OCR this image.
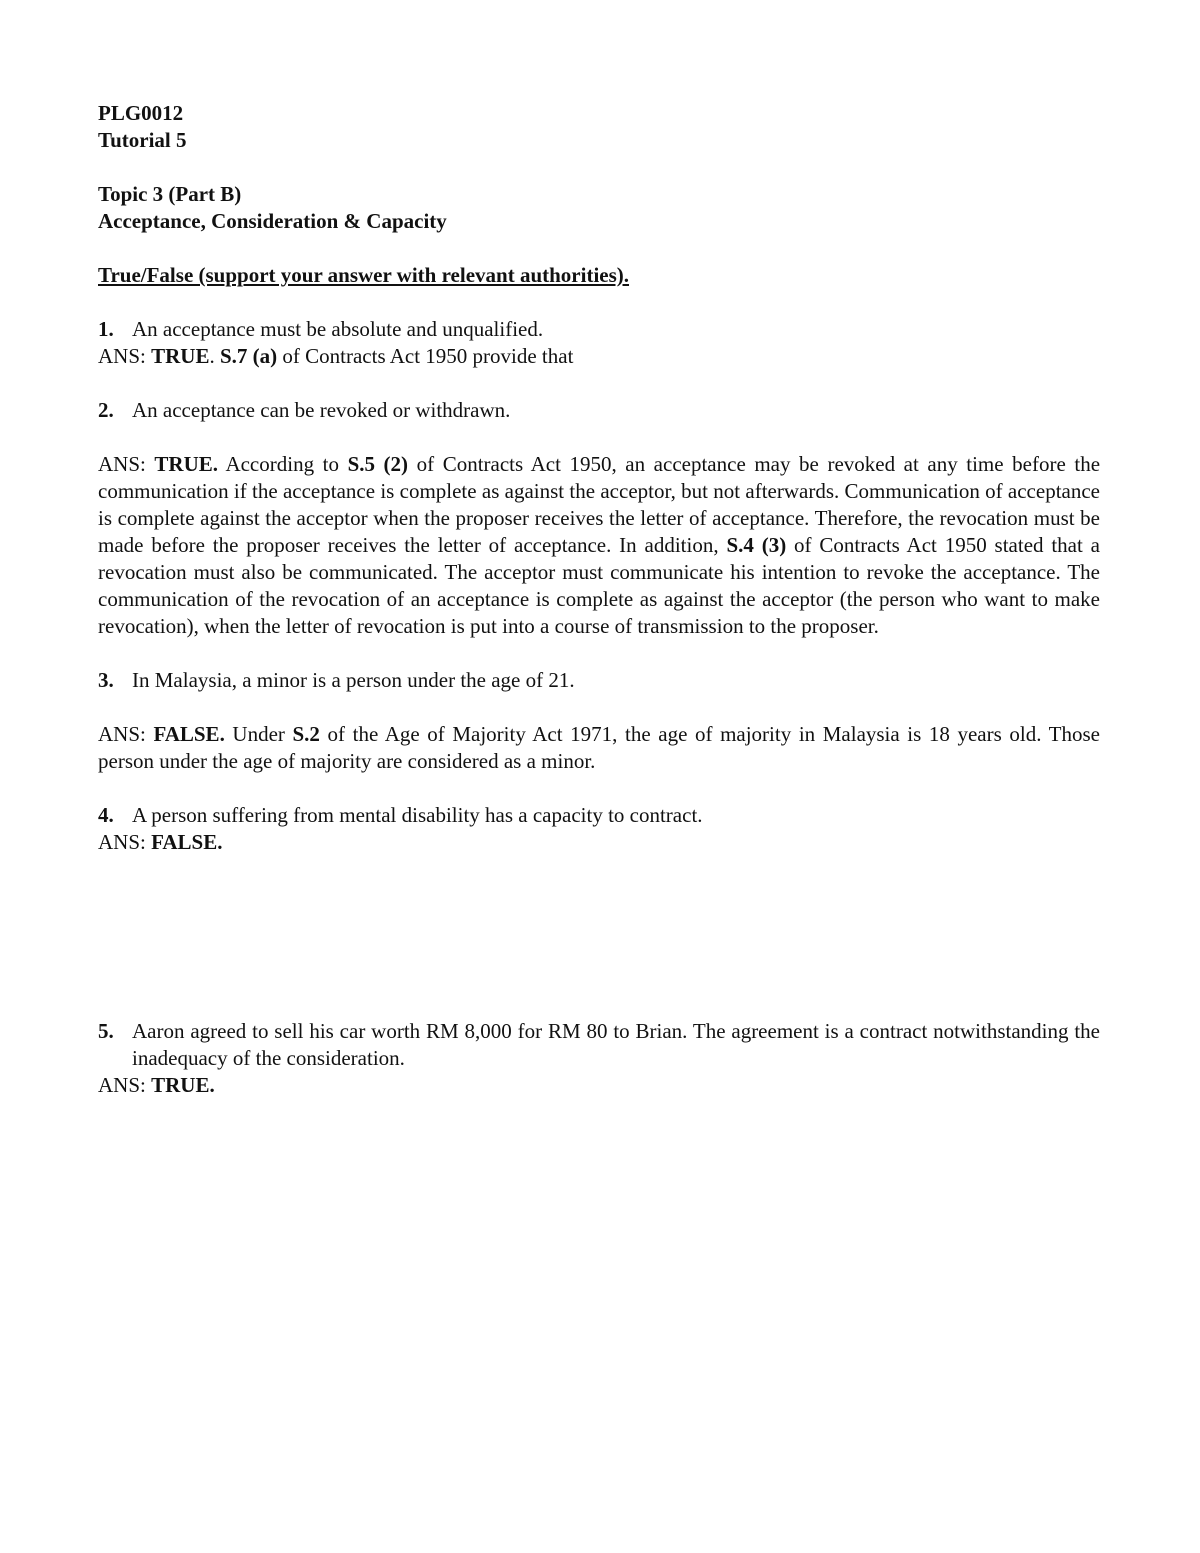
PLG0012
Tutorial 5
Topic 3 (Part B)
Acceptance, Consideration & Capacity
True/False (support your answer with relevant authorities).
1. An acceptance must be absolute and unqualified.
ANS: TRUE. S.7 (a) of Contracts Act 1950 provide that
2. An acceptance can be revoked or withdrawn.

ANS: TRUE. According to S.5 (2) of Contracts Act 1950, an acceptance may be revoked at any time before the communication if the acceptance is complete as against the acceptor, but not afterwards. Communication of acceptance is complete against the acceptor when the proposer receives the letter of acceptance. Therefore, the revocation must be made before the proposer receives the letter of acceptance. In addition, S.4 (3) of Contracts Act 1950 stated that a revocation must also be communicated. The acceptor must communicate his intention to revoke the acceptance. The communication of the revocation of an acceptance is complete as against the acceptor (the person who want to make revocation), when the letter of revocation is put into a course of transmission to the proposer.

3. In Malaysia, a minor is a person under the age of 21.

ANS: FALSE. Under S.2 of the Age of Majority Act 1971, the age of majority in Malaysia is 18 years old. Those person under the age of majority are considered as a minor.

4. A person suffering from mental disability has a capacity to contract.
ANS: FALSE.
5. Aaron agreed to sell his car worth RM 8,000 for RM 80 to Brian. The agreement is a contract notwithstanding the inadequacy of the consideration.
ANS: TRUE.
